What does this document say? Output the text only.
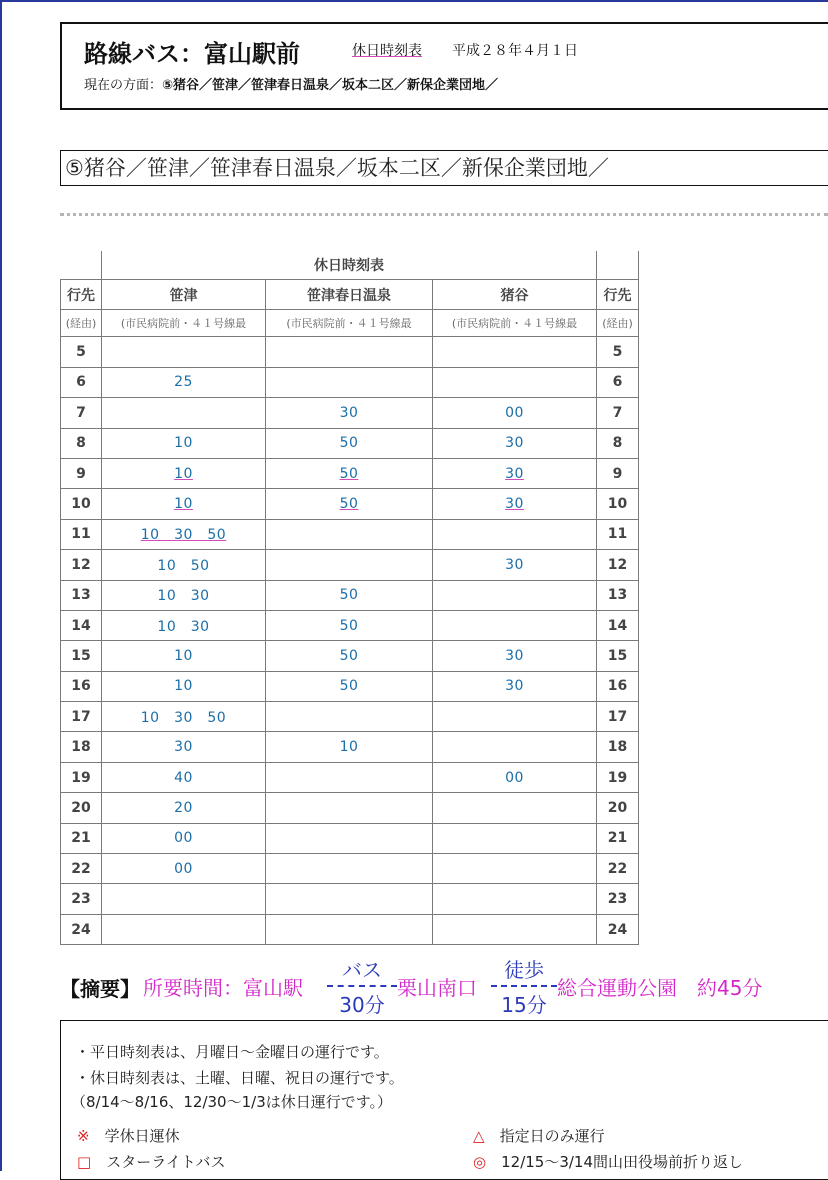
路線バス：富山駅前	休日時刻表 平成２８年４月１日
現在の方面：⑤猪谷／笹津／笹津春日温泉／坂本二区／新保企業団地／
⑤猪谷／笹津／笹津春日温泉／坂本二区／新保企業団地／
	休日時刻表			
行先	笹津	笹津春日温泉	猪谷	行先
(経由)	(市民病院前・４１号線最	(市民病院前・４１号線最	(市民病院前・４１号線最	(経由)
5				5
6	25			6
7		30	00	7
8	10	50	30	8
9	10	50	30	9
10	10	50	30	10
11	10　30　50			11
12	10　50		30	12
13	10　30	50		13
14	10　30	50		14
15	10	50	30	15
16	10	50	30	16
17	10　30　50			17
18	30	10		18
19	40		00	19
20	20			20
21	00			21
22	00			22
23				23
24				24
【摘要】 所要時間：富山駅
バス
30分
栗山南口
徒歩
15分
総合運動公園　約45分
・平日時刻表は、月曜日～金曜日の運行です。
・休日時刻表は、土曜、日曜、祝日の運行です。
（8/14～8/16、12/30～1/3は休日運行です。）
※　 学休日運休	△　 指定日のみ運行
□　 スターライトバス	◎　 12/15～3/14間山田役場前折り返し
